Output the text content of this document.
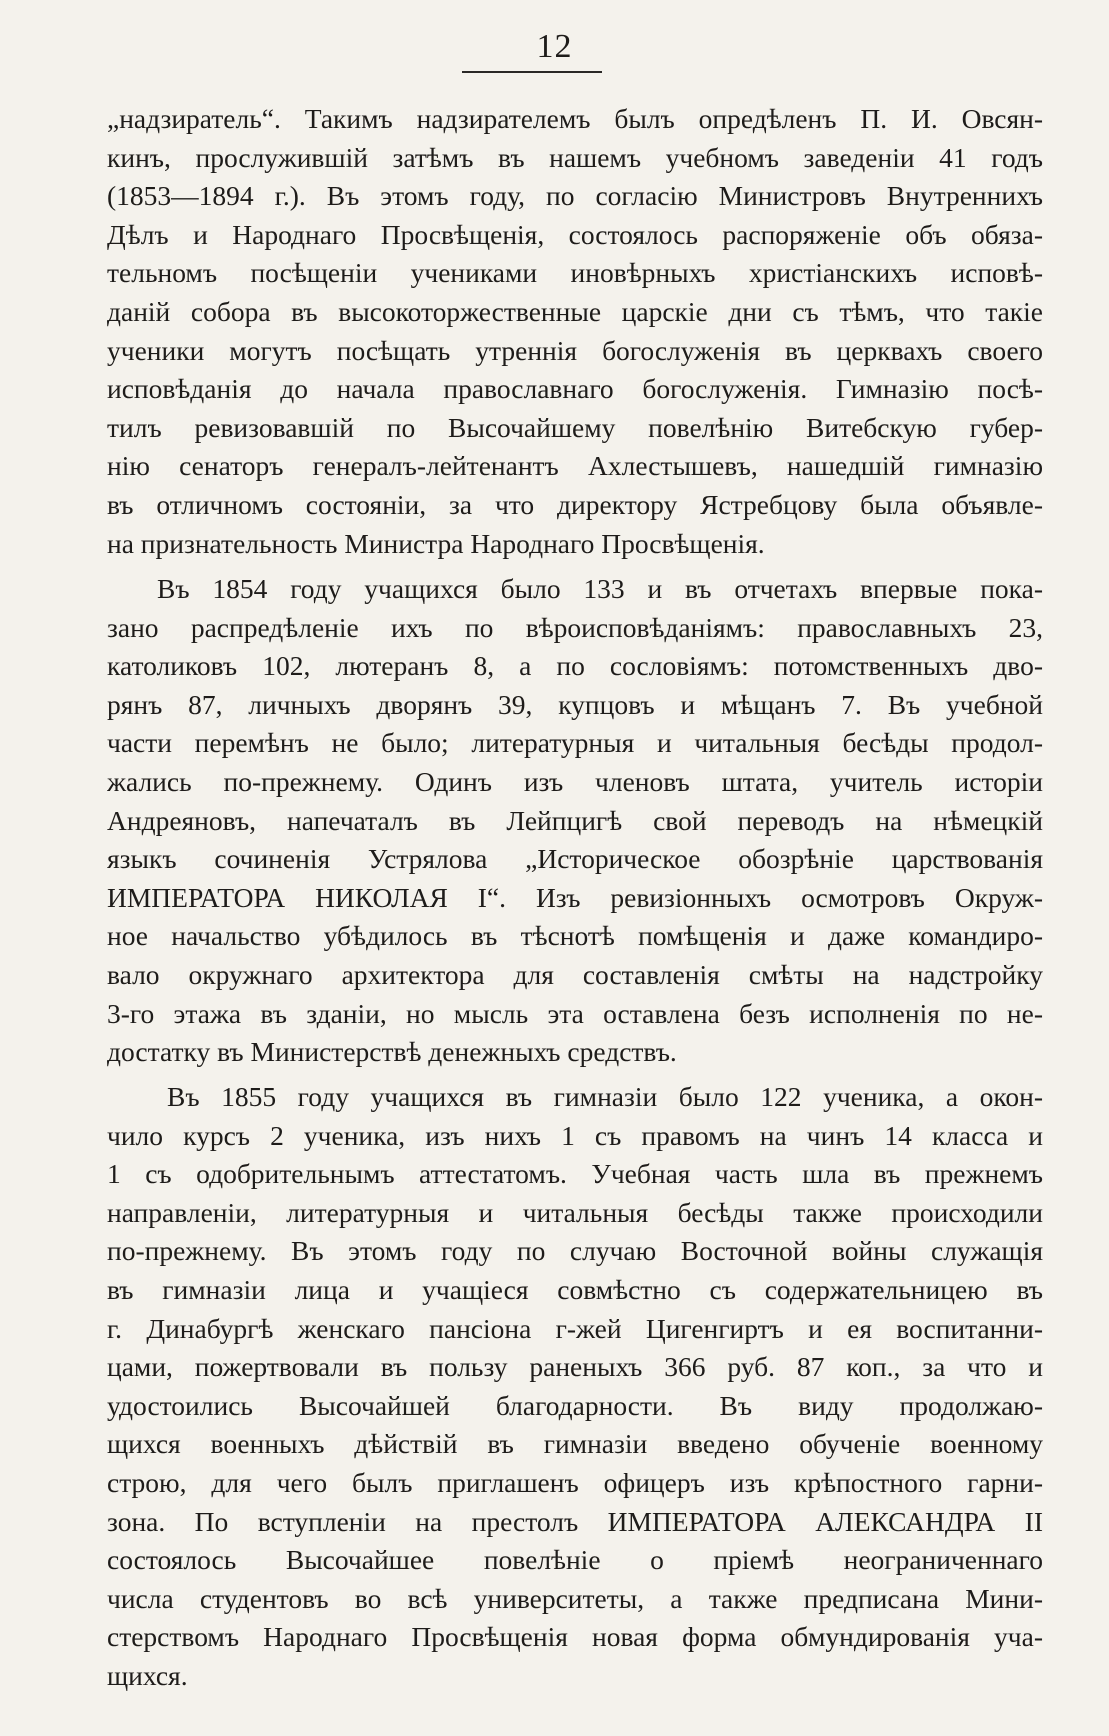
12
„надзиратель“. Такимъ надзирателемъ былъ опредѣленъ П. И. Овсян-
кинъ, прослужившій затѣмъ въ нашемъ учебномъ заведеніи 41 годъ
(1853—1894 г.). Въ этомъ году, по согласію Министровъ Внутреннихъ
Дѣлъ и Народнаго Просвѣщенія, состоялось распоряженіе объ обяза-
тельномъ посѣщеніи учениками иновѣрныхъ христіанскихъ исповѣ-
даній собора въ высокоторжественные царскіе дни съ тѣмъ, что такіе
ученики могутъ посѣщать утреннія богослуженія въ церквахъ своего
исповѣданія до начала православнаго богослуженія. Гимназію посѣ-
тилъ ревизовавшій по Высочайшему повелѣнію Витебскую губер-
нію сенаторъ генералъ-лейтенантъ Ахлестышевъ, нашедшій гимназію
въ отличномъ состояніи, за что директору Ястребцову была объявле-
на признательность Министра Народнаго Просвѣщенія.
Въ 1854 году учащихся было 133 и въ отчетахъ впервые пока-
зано распредѣленіе ихъ по вѣроисповѣданіямъ: православныхъ 23,
католиковъ 102, лютеранъ 8, а по сословіямъ: потомственныхъ дво-
рянъ 87, личныхъ дворянъ 39, купцовъ и мѣщанъ 7. Въ учебной
части перемѣнъ не было; литературныя и читальныя бесѣды продол-
жались по-прежнему. Одинъ изъ членовъ штата, учитель исторіи
Андреяновъ, напечаталъ въ Лейпцигѣ свой переводъ на нѣмецкій
языкъ сочиненія Устрялова „Историческое обозрѣніе царствованія
ИМПЕРАТОРА НИКОЛАЯ I“. Изъ ревизіонныхъ осмотровъ Окруж-
ное начальство убѣдилось въ тѣснотѣ помѣщенія и даже командиро-
вало окружнаго архитектора для составленія смѣты на надстройку
3-го этажа въ зданіи, но мысль эта оставлена безъ исполненія по не-
достатку въ Министерствѣ денежныхъ средствъ.
Въ 1855 году учащихся въ гимназіи было 122 ученика, а окон-
чило курсъ 2 ученика, изъ нихъ 1 съ правомъ на чинъ 14 класса и
1 съ одобрительнымъ аттестатомъ. Учебная часть шла въ прежнемъ
направленіи, литературныя и читальныя бесѣды также происходили
по-прежнему. Въ этомъ году по случаю Восточной войны служащія
въ гимназіи лица и учащіеся совмѣстно съ содержательницею въ
г. Динабургѣ женскаго пансіона г-жей Цигенгиртъ и ея воспитанни-
цами, пожертвовали въ пользу раненыхъ 366 руб. 87 коп., за что и
удостоились Высочайшей благодарности. Въ виду продолжаю-
щихся военныхъ дѣйствій въ гимназіи введено обученіе военному
строю, для чего былъ приглашенъ офицеръ изъ крѣпостного гарни-
зона. По вступленіи на престолъ ИМПЕРАТОРА АЛЕКСАНДРА II
состоялось Высочайшее повелѣніе о пріемѣ неограниченнаго
числа студентовъ во всѣ университеты, а также предписана Мини-
стерствомъ Народнаго Просвѣщенія новая форма обмундированія уча-
щихся.
